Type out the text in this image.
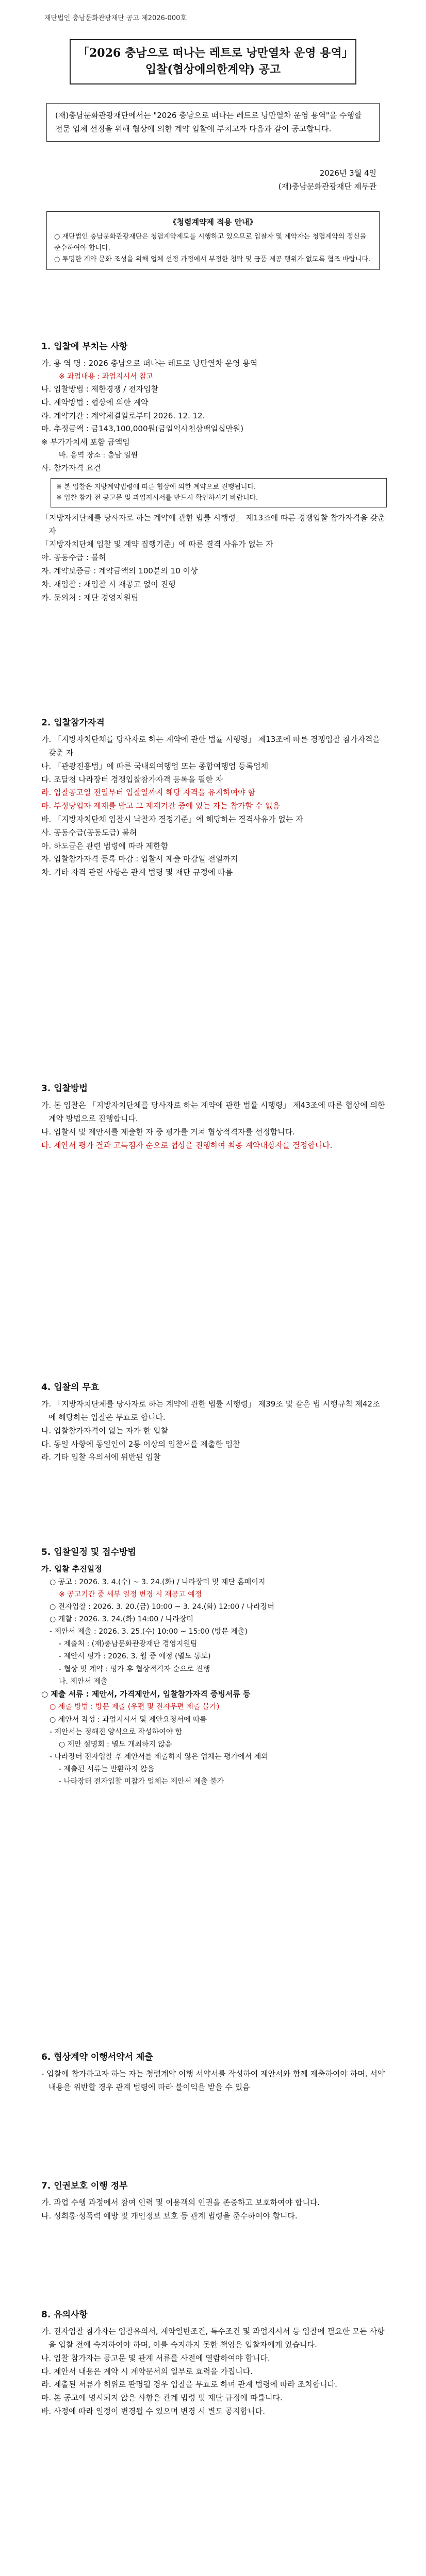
재단법인 충남문화관광재단 공고 제2026-000호
「2026 충남으로 떠나는 레트로 낭만열차 운영 용역」
입찰(협상에의한계약) 공고
(재)충남문화관광재단에서는 "2026 충남으로 떠나는 레트로 낭만열차 운영 용역"을 수행할 전문 업체 선정을 위해 협상에 의한 계약 입찰에 부치고자 다음과 같이 공고합니다.
2026년 3월 4일
(재)충남문화관광재단 제무관
《청렴계약제 적용 안내》
○ 재단법인 충남문화관광재단은 청렴계약제도를 시행하고 있으므로 입찰자 및 계약자는 청렴계약의 정신을 준수하여야 합니다.
○ 투명한 계약 문화 조성을 위해 업체 선정 과정에서 부정한 청탁 및 금품 제공 행위가 없도록 협조 바랍니다.
1. 입찰에 부치는 사항
가. 용 역 명 : 2026 충남으로 떠나는 레트로 낭만열차 운영 용역
※ 과업내용 : 과업지시서 참고
나. 입찰방법 : 제한경쟁 / 전자입찰
다. 계약방법 : 협상에 의한 계약
라. 계약기간 : 계약체결일로부터 2026. 12. 12.
마. 추정금액 : 금143,100,000원(금일억사천삼백일십만원)
※ 부가가치세 포함 금액임
바. 용역 장소 : 충남 일원
사. 참가자격 요건
※ 본 입찰은 지방계약법령에 따른 협상에 의한 계약으로 진행됩니다.
※ 입찰 참가 전 공고문 및 과업지시서를 반드시 확인하시기 바랍니다.
「지방자치단체를 당사자로 하는 계약에 관한 법률 시행령」 제13조에 따른 경쟁입찰 참가자격을 갖춘 자
「지방자치단체 입찰 및 계약 집행기준」에 따른 결격 사유가 없는 자
아. 공동수급 : 불허
자. 계약보증금 : 계약금액의 100분의 10 이상
차. 재입찰 : 재입찰 시 재공고 없이 진행
카. 문의처 : 재단 경영지원팀
2. 입찰참가자격
가. 「지방자치단체를 당사자로 하는 계약에 관한 법률 시행령」 제13조에 따른 경쟁입찰 참가자격을 갖춘 자
나. 「관광진흥법」에 따른 국내외여행업 또는 종합여행업 등록업체
다. 조달청 나라장터 경쟁입찰참가자격 등록을 필한 자
라. 입찰공고일 전일부터 입찰일까지 해당 자격을 유지하여야 함
마. 부정당업자 제재를 받고 그 제재기간 중에 있는 자는 참가할 수 없음
바. 「지방자치단체 입찰시 낙찰자 결정기준」에 해당하는 결격사유가 없는 자
사. 공동수급(공동도급) 불허
아. 하도급은 관련 법령에 따라 제한함
자. 입찰참가자격 등록 마감 : 입찰서 제출 마감일 전일까지
차. 기타 자격 관련 사항은 관계 법령 및 재단 규정에 따름
3. 입찰방법
가. 본 입찰은 「지방자치단체를 당사자로 하는 계약에 관한 법률 시행령」 제43조에 따른 협상에 의한 계약 방법으로 진행합니다.
나. 입찰서 및 제안서를 제출한 자 중 평가를 거쳐 협상적격자를 선정합니다.
다. 제안서 평가 결과 고득점자 순으로 협상을 진행하여 최종 계약대상자를 결정합니다.
4. 입찰의 무효
가. 「지방자치단체를 당사자로 하는 계약에 관한 법률 시행령」 제39조 및 같은 법 시행규칙 제42조에 해당하는 입찰은 무효로 합니다.
나. 입찰참가자격이 없는 자가 한 입찰
다. 동일 사항에 동일인이 2통 이상의 입찰서를 제출한 입찰
라. 기타 입찰 유의서에 위반된 입찰
5. 입찰일정 및 접수방법
가. 입찰 추진일정
○ 공고 : 2026. 3. 4.(수) ~ 3. 24.(화) / 나라장터 및 재단 홈페이지
※ 공고기간 중 세부 일정 변경 시 재공고 예정
○ 전자입찰 : 2026. 3. 20.(금) 10:00 ~ 3. 24.(화) 12:00 / 나라장터
○ 개찰 : 2026. 3. 24.(화) 14:00 / 나라장터
- 제안서 제출 : 2026. 3. 25.(수) 10:00 ~ 15:00 (방문 제출)
- 제출처 : (재)충남문화관광재단 경영지원팀
- 제안서 평가 : 2026. 3. 월 중 예정 (별도 통보)
- 협상 및 계약 : 평가 후 협상적격자 순으로 진행
나. 제안서 제출
○ 제출 서류 : 제안서, 가격제안서, 입찰참가자격 증빙서류 등
○ 제출 방법 : 방문 제출 (우편 및 전자우편 제출 불가)
○ 제안서 작성 : 과업지시서 및 제안요청서에 따름
- 제안서는 정해진 양식으로 작성하여야 함
○ 제안 설명회 : 별도 개최하지 않음
- 나라장터 전자입찰 후 제안서를 제출하지 않은 업체는 평가에서 제외
- 제출된 서류는 반환하지 않음
- 나라장터 전자입찰 미참가 업체는 제안서 제출 불가
6. 협상계약 이행서약서 제출
- 입찰에 참가하고자 하는 자는 청렴계약 이행 서약서를 작성하여 제안서와 함께 제출하여야 하며, 서약 내용을 위반할 경우 관계 법령에 따라 불이익을 받을 수 있음
7. 인권보호 이행 정부
가. 과업 수행 과정에서 참여 인력 및 이용객의 인권을 존중하고 보호하여야 합니다.
나. 성희롱·성폭력 예방 및 개인정보 보호 등 관계 법령을 준수하여야 합니다.
8. 유의사항
가. 전자입찰 참가자는 입찰유의서, 계약일반조건, 특수조건 및 과업지시서 등 입찰에 필요한 모든 사항을 입찰 전에 숙지하여야 하며, 이를 숙지하지 못한 책임은 입찰자에게 있습니다.
나. 입찰 참가자는 공고문 및 관계 서류를 사전에 열람하여야 합니다.
다. 제안서 내용은 계약 시 계약문서의 일부로 효력을 가집니다.
라. 제출된 서류가 허위로 판명될 경우 입찰을 무효로 하며 관계 법령에 따라 조치합니다.
마. 본 공고에 명시되지 않은 사항은 관계 법령 및 재단 규정에 따릅니다.
바. 사정에 따라 일정이 변경될 수 있으며 변경 시 별도 공지합니다.
